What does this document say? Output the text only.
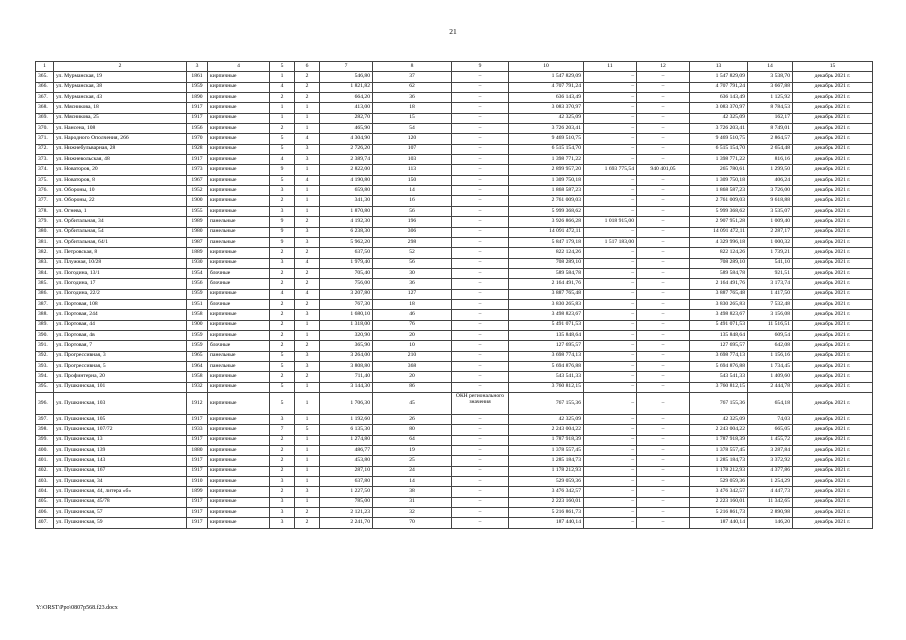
21
1	2	3	4	5	6	7	8	9	10	11	12	13	14	15
365.	ул. Мурманская, 19	1861	кирпичные	1	2	546,80	37	–	1 547 829,09	–	–	1 547 829,09	3 538,70	декабрь 2021 г.
366.	ул. Мурманская, 38	1959	кирпичные	4	2	1 821,82	62	–	4 707 791,24	–	–	4 707 791,24	3 667,88	декабрь 2021 г.
367.	ул. Мурманская, 43	1890	кирпичные	2	2	664,20	36	–	636 143,49	–	–	636 143,49	1 125,92	декабрь 2021 г.
368.	ул. Мясникова, 18	1917	кирпичные	1	1	413,00	18	–	3 083 370,97	–	–	3 083 370,97	8 784,53	декабрь 2021 г.
369.	ул. Мясникова, 25	1917	кирпичные	1	1	282,70	15	–	42 325,09	–	–	42 325,09	162,17	декабрь 2021 г.
370.	ул. Нансена, 108	1956	кирпичные	2	1	465,90	54	–	3 726 203,41	–	–	3 726 203,41	8 749,01	декабрь 2021 г.
371.	ул. Народного Ополчения, 266	1970	кирпичные	5	4	4 304,90	120	–	9 469 510,75	–	–	9 469 510,75	2 864,57	декабрь 2021 г.
372.	ул. Нижнебульварная, 28	1928	кирпичные	5	3	2 726,20	107	–	6 515 154,70	–	–	6 515 154,70	2 654,48	декабрь 2021 г.
373.	ул. Нижневольская, 48	1917	кирпичные	4	3	2 389,74	103	–	1 398 771,22	–	–	1 398 771,22	816,16	декабрь 2021 г.
374.	ул. Новаторов, 20	1973	кирпичные	9	1	2 822,00	113	–	2 899 957,20	1 693 775,54	940 401,05	265 780,61	1 299,50	декабрь 2021 г.
375.	ул. Новаторов, 8	1967	кирпичные	5	4	4 190,80	150	–	1 309 750,18	–	–	1 309 750,18	406,24	декабрь 2021 г.
376.	ул. Обороны, 10	1952	кирпичные	3	1	659,80	14	–	1 868 587,23	–	–	1 868 587,23	3 726,00	декабрь 2021 г.
377.	ул. Обороны, 22	1900	кирпичные	2	1	341,30	16	–	2 761 009,03	–	–	2 761 009,03	9 618,88	декабрь 2021 г.
378.	ул. Огнева, 1	1955	кирпичные	3	1	1 870,80	56	–	5 999 368,62	–	–	5 999 368,62	3 535,07	декабрь 2021 г.
379.	ул. Орбитальная, 34	1989	панельные	9	2	4 192,30	196	–	3 926 866,28	1 018 915,00	–	2 907 951,28	1 009,40	декабрь 2021 г.
380.	ул. Орбитальная, 54	1980	панельные	9	3	6 238,30	306	–	14 091 472,11	–	–	14 091 472,11	2 287,17	декабрь 2021 г.
381.	ул. Орбитальная, 64/1	1987	панельные	9	3	5 962,20	298	–	5 847 179,18	1 517 183,00	–	4 329 996,18	1 000,32	декабрь 2021 г.
382.	ул. Петровская, 8	1889	кирпичные	2	2	637,50	52	–	822 124,26	–	–	822 124,26	1 739,21	декабрь 2021 г.
383.	ул. Плужная, 10/28	1930	кирпичные	3	4	1 979,40	56	–	708 289,10	–	–	708 289,10	541,10	декабрь 2021 г.
384.	ул. Погодина, 13/1	1954	блочные	2	2	705,40	30	–	589 584,78	–	–	589 584,78	921,51	декабрь 2021 г.
385.	ул. Погодина, 17	1956	блочные	2	2	756,00	36	–	2 164 491,76	–	–	2 164 491,76	3 173,74	декабрь 2021 г.
386.	ул. Погодина, 22/2	1959	кирпичные	4	4	3 207,80	127	–	3 887 765,48	–	–	3 887 765,48	1 417,50	декабрь 2021 г.
387.	ул. Портовая, 108	1951	блочные	2	2	767,30	18	–	3 830 265,83	–	–	3 830 265,83	7 532,48	декабрь 2021 г.
388.	ул. Портовая, 244	1958	кирпичные	2	3	1 680,10	46	–	3 498 823,67	–	–	3 498 823,67	3 156,08	декабрь 2021 г.
389.	ул. Портовая, 44	1900	кирпичные	2	1	1 318,00	76	–	5 491 071,53	–	–	5 491 071,53	11 516,51	декабрь 2021 г.
390.	ул. Портовая, 4в	1959	кирпичные	2	1	320,90	20	–	135 848,64	–	–	135 848,64	609,54	декабрь 2021 г.
391.	ул. Портовая, 7	1959	блочные	2	2	365,90	10	–	127 695,57	–	–	127 695,57	642,08	декабрь 2021 г.
392.	ул. Прогрессивная, 3	1965	панельные	5	3	3 264,00	210	–	3 698 774,13	–	–	3 698 774,13	1 156,16	декабрь 2021 г.
393.	ул. Прогрессивная, 5	1964	панельные	5	3	3 808,80	368	–	5 694 876,88	–	–	5 694 876,88	1 734,45	декабрь 2021 г.
394.	ул. Профинтерна, 20	1958	кирпичные	2	2	711,40	20	–	543 541,33	–	–	543 541,33	1 409,60	декабрь 2021 г.
395.	ул. Пушкинская, 101	1932	кирпичные	5	1	3 144,30	86	–	3 760 812,15	–	–	3 760 812,15	2 444,78	декабрь 2021 г.
396.	ул. Пушкинская, 103	1912	кирпичные	5	1	1 706,30	45	ОКН регионального значения	767 155,36	–	–	767 155,36	654,18	декабрь 2021 г.
397.	ул. Пушкинская, 105	1917	кирпичные	3	1	1 192,60	26	–	42 325,09	–	–	42 325,09	74,03	декабрь 2021 г.
398.	ул. Пушкинская, 107/72	1933	кирпичные	7	5	6 135,30	80	–	2 243 004,22	–	–	2 243 004,22	665,05	декабрь 2021 г.
399.	ул. Пушкинская, 13	1917	кирпичные	2	1	1 274,80	64	–	1 787 918,39	–	–	1 787 918,39	1 455,72	декабрь 2021 г.
400.	ул. Пушкинская, 139	1880	кирпичные	2	1	486,77	19	–	1 378 557,45	–	–	1 378 557,45	3 287,84	декабрь 2021 г.
401.	ул. Пушкинская, 143	1917	кирпичные	2	1	453,80	25	–	1 285 184,73	–	–	1 285 184,73	3 372,92	декабрь 2021 г.
402.	ул. Пушкинская, 167	1917	кирпичные	2	1	287,10	24	–	1 178 212,93	–	–	1 178 212,93	4 377,86	декабрь 2021 г.
403.	ул. Пушкинская, 34	1910	кирпичные	3	1	637,80	14	–	529 059,36	–	–	529 059,36	1 254,29	декабрь 2021 г.
404.	ул. Пушкинская, 44, литера «б»	1899	кирпичные	2	3	1 227,50	38	–	3 476 342,57	–	–	3 476 342,57	4 447,73	декабрь 2021 г.
405.	ул. Пушкинская, 45/78	1917	кирпичные	3	1	785,00	31	–	2 223 160,01	–	–	2 223 160,01	11 342,65	декабрь 2021 г.
406.	ул. Пушкинская, 57	1917	кирпичные	3	2	2 121,23	32	–	5 216 861,73	–	–	5 216 861,73	2 890,98	декабрь 2021 г.
407.	ул. Пушкинская, 59	1917	кирпичные	3	2	2 241,70	70	–	187 440,14	–	–	187 440,14	146,20	декабрь 2021 г.
Y:\ORST\Ppo\0807p568.f23.docx
